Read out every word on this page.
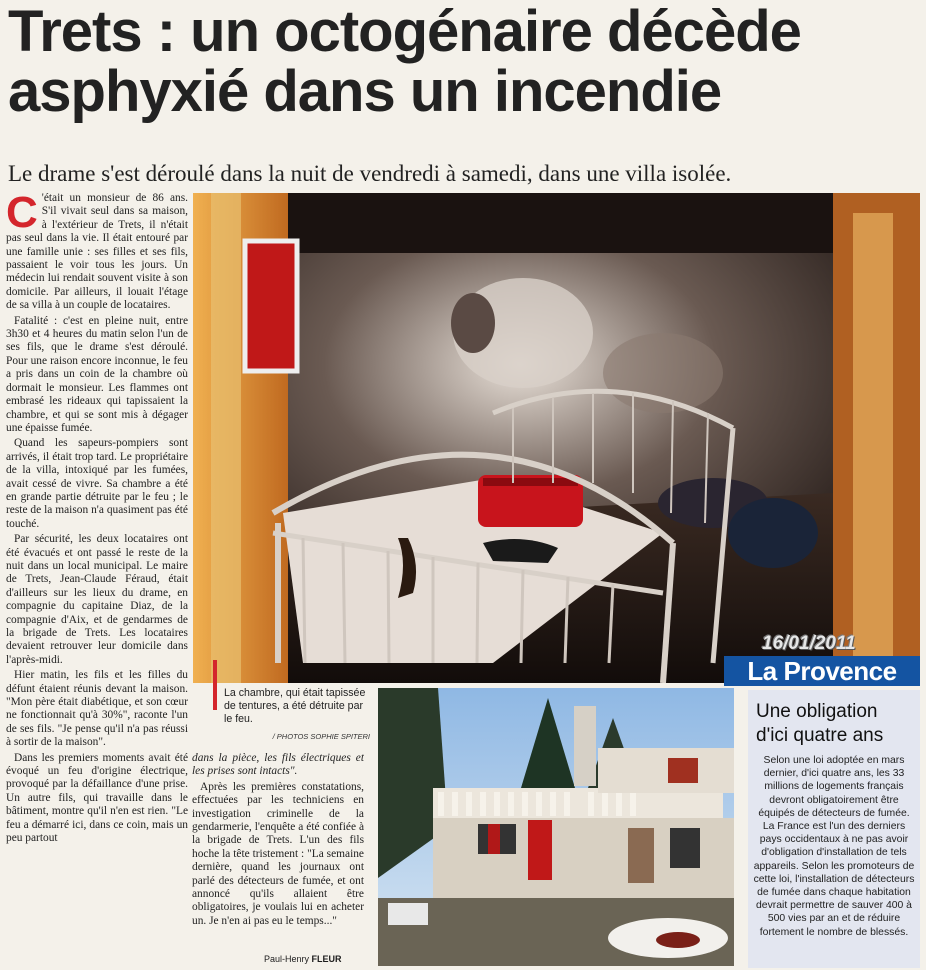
Trets : un octogénaire décède asphyxié dans un incendie
Le drame s'est déroulé dans la nuit de vendredi à samedi, dans une villa isolée.

C 'était un monsieur de 86 ans. S'il vivait seul dans sa maison, à l'extérieur de Trets, il n'était pas seul dans la vie. Il était entouré par une famille unie : ses filles et ses fils, passaient le voir tous les jours. Un médecin lui rendait souvent visite à son domicile. Par ailleurs, il louait l'étage de sa villa à un couple de locataires.

Fatalité : c'est en pleine nuit, entre 3h30 et 4 heures du matin selon l'un de ses fils, que le drame s'est déroulé. Pour une raison encore inconnue, le feu a pris dans un coin de la chambre où dormait le monsieur. Les flammes ont embrasé les rideaux qui tapissaient la chambre, et qui se sont mis à dégager une épaisse fumée.

Quand les sapeurs-pompiers sont arrivés, il était trop tard. Le propriétaire de la villa, intoxiqué par les fumées, avait cessé de vivre. Sa chambre a été en grande partie détruite par le feu ; le reste de la maison n'a quasiment pas été touché.

Par sécurité, les deux locataires ont été évacués et ont passé le reste de la nuit dans un local municipal. Le maire de Trets, Jean-Claude Féraud, était d'ailleurs sur les lieux du drame, en compagnie du capitaine Diaz, de la compagnie d'Aix, et de gendarmes de la brigade de Trets. Les locataires devaient retrouver leur domicile dans l'après-midi.

Hier matin, les fils et les filles du défunt étaient réunis devant la maison. "Mon père était diabétique, et son cœur ne fonctionnait qu'à 30%", raconte l'un de ses fils. "Je pense qu'il n'a pas réussi à sortir de la maison".

Dans les premiers moments avait été évoqué un feu d'origine électrique, provoqué par la défaillance d'une prise. Un autre fils, qui travaille dans le bâtiment, montre qu'il n'en est rien. "Le feu a démarré ici, dans ce coin, mais un peu partout

16/01/2011
La Provence
La chambre, qui était tapissée de tentures, a été détruite par le feu.
/ PHOTOS SOPHIE SPITERI

dans la pièce, les fils électriques et les prises sont intacts".

Après les premières constatations, effectuées par les techniciens en investigation criminelle de la gendarmerie, l'enquête a été confiée à la brigade de Trets. L'un des fils hoche la tête tristement : "La semaine dernière, quand les journaux ont parlé des détecteurs de fumée, et ont annoncé qu'ils allaient être obligatoires, je voulais lui en acheter un. Je n'en ai pas eu le temps..."

Paul-Henry FLEUR
Une obligation
d'ici quatre ans
Selon une loi adoptée en mars dernier, d'ici quatre ans, les 33 millions de logements français devront obligatoirement être équipés de détecteurs de fumée. La France est l'un des derniers pays occidentaux à ne pas avoir d'obligation d'installation de tels appareils. Selon les promoteurs de cette loi, l'installation de détecteurs de fumée dans chaque habitation devrait permettre de sauver 400 à 500 vies par an et de réduire fortement le nombre de blessés.
